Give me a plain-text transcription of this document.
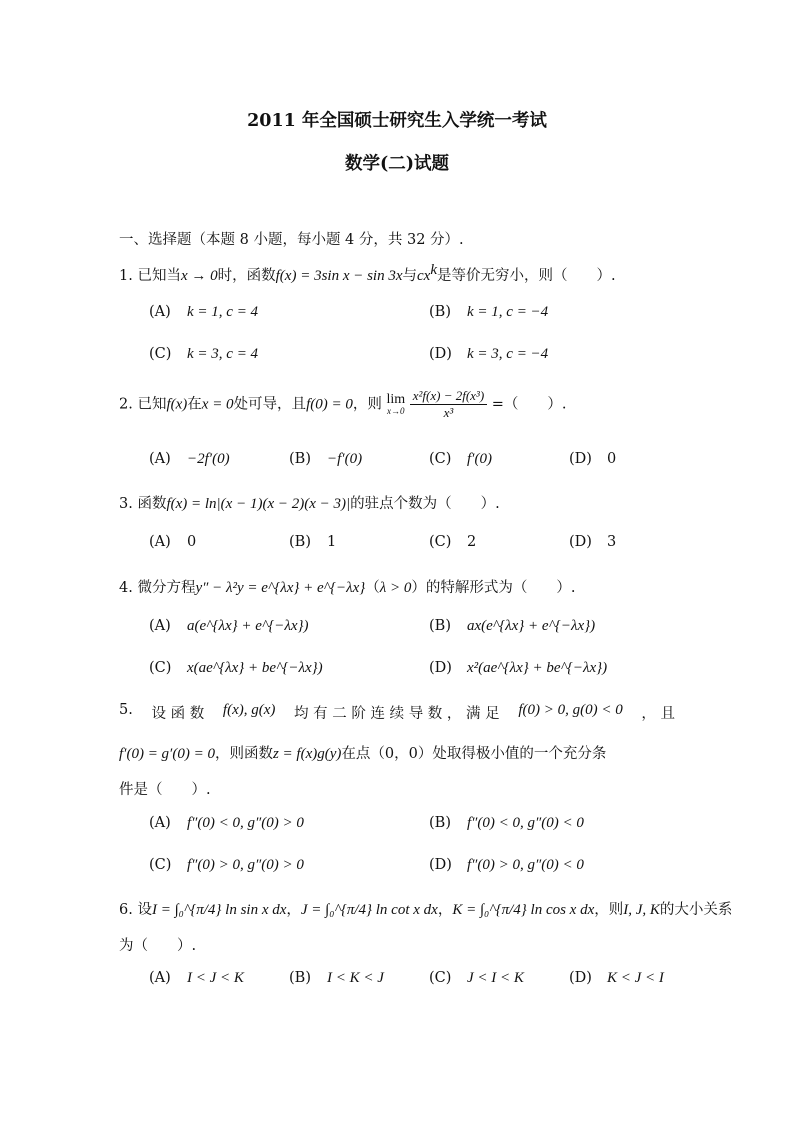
2011 年全国硕士研究生入学统一考试
数学(二)试题
一、选择题（本题 8 小题，每小题 4 分，共 32 分）.
1. 已知当x → 0时，函数f(x) = 3sin x − sin 3x与$cx^k$是等价无穷小，则（　　）.
(A) k = 1, c = 4	(B) k = 1, c = −4
(C) k = 3, c = 4	(D) k = 3, c = −4
2. 已知f(x)在x = 0处可导，且f(0) = 0，则 lim
x→0
$\frac{\text{x²f(x) − 2f(x³)}}{\text{x³}}$ =（　　）.
(A) −2f′(0)	(B) −f′(0)	(C) f′(0)	(D) 0
3. 函数f(x) = ln|(x − 1)(x − 2)(x − 3)|的驻点个数为（　　）.
(A) 0	(B) 1	(C) 2	(D) 3
4. 微分方程y″ − λ²y = e^{λx} + e^{−λx}（λ > 0）的特解形式为（　　）.
(A) a(e^{λx} + e^{−λx})	(B) ax(e^{λx} + e^{−λx})
(C) x(ae^{λx} + be^{−λx})	(D) x²(ae^{λx} + be^{−λx})
5. 设 函 数 f(x), g(x) 均 有 二 阶 连 续 导 数 ， 满 足 f(0) > 0, g(0) < 0 ， 且
f′(0) = g′(0) = 0，则函数z = f(x)g(y)在点（0，0）处取得极小值的一个充分条
件是（　　）.
(A) f″(0) < 0, g″(0) > 0	(B) f″(0) < 0, g″(0) < 0
(C) f″(0) > 0, g″(0) > 0	(D) f″(0) > 0, g″(0) < 0
6. 设I = ∫₀^{π/4} ln sin x dx，J = ∫₀^{π/4} ln cot x dx，K = ∫₀^{π/4} ln cos x dx，则I, J, K的大小关系
为（　　）.
(A) I < J < K	(B) I < K < J	(C) J < I < K	(D) K < J < I
